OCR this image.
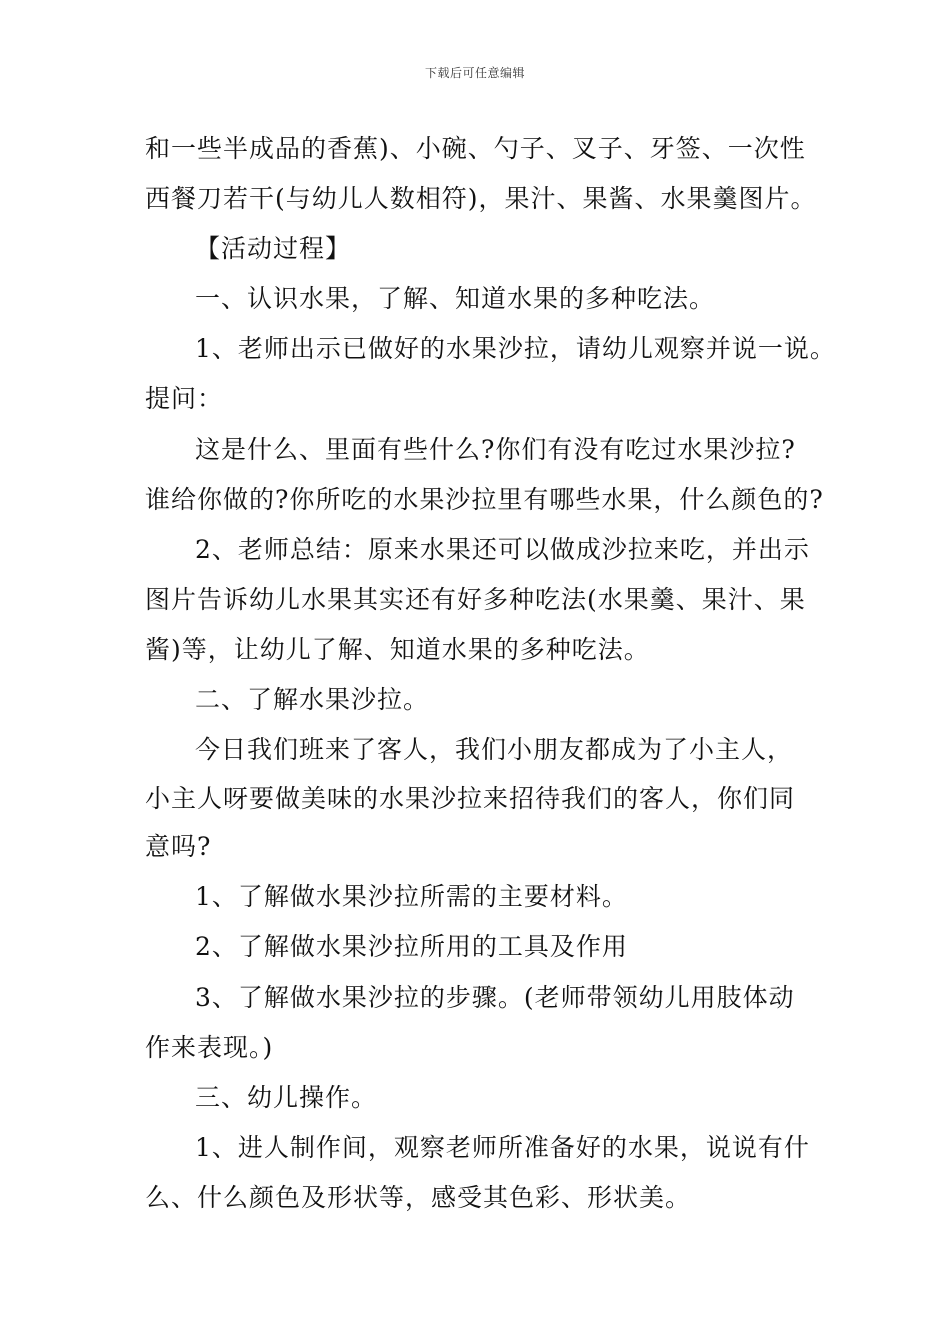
下载后可任意编辑
和一些半成品的香蕉)、小碗、勺子、叉子、牙签、一次性
西餐刀若干(与幼儿人数相符)，果汁、果酱、水果羹图片。
【活动过程】
一、认识水果，了解、知道水果的多种吃法。
1、老师出示已做好的水果沙拉，请幼儿观察并说一说。
提问：
这是什么、里面有些什么?你们有没有吃过水果沙拉?
谁给你做的?你所吃的水果沙拉里有哪些水果，什么颜色的?
2、老师总结：原来水果还可以做成沙拉来吃，并出示
图片告诉幼儿水果其实还有好多种吃法(水果羹、果汁、果
酱)等，让幼儿了解、知道水果的多种吃法。
二、了解水果沙拉。
今日我们班来了客人，我们小朋友都成为了小主人，
小主人呀要做美味的水果沙拉来招待我们的客人，你们同
意吗?
1、了解做水果沙拉所需的主要材料。
2、了解做水果沙拉所用的工具及作用
3、了解做水果沙拉的步骤。(老师带领幼儿用肢体动
作来表现。)
三、幼儿操作。
1、进人制作间，观察老师所准备好的水果，说说有什
么、什么颜色及形状等，感受其色彩、形状美。
